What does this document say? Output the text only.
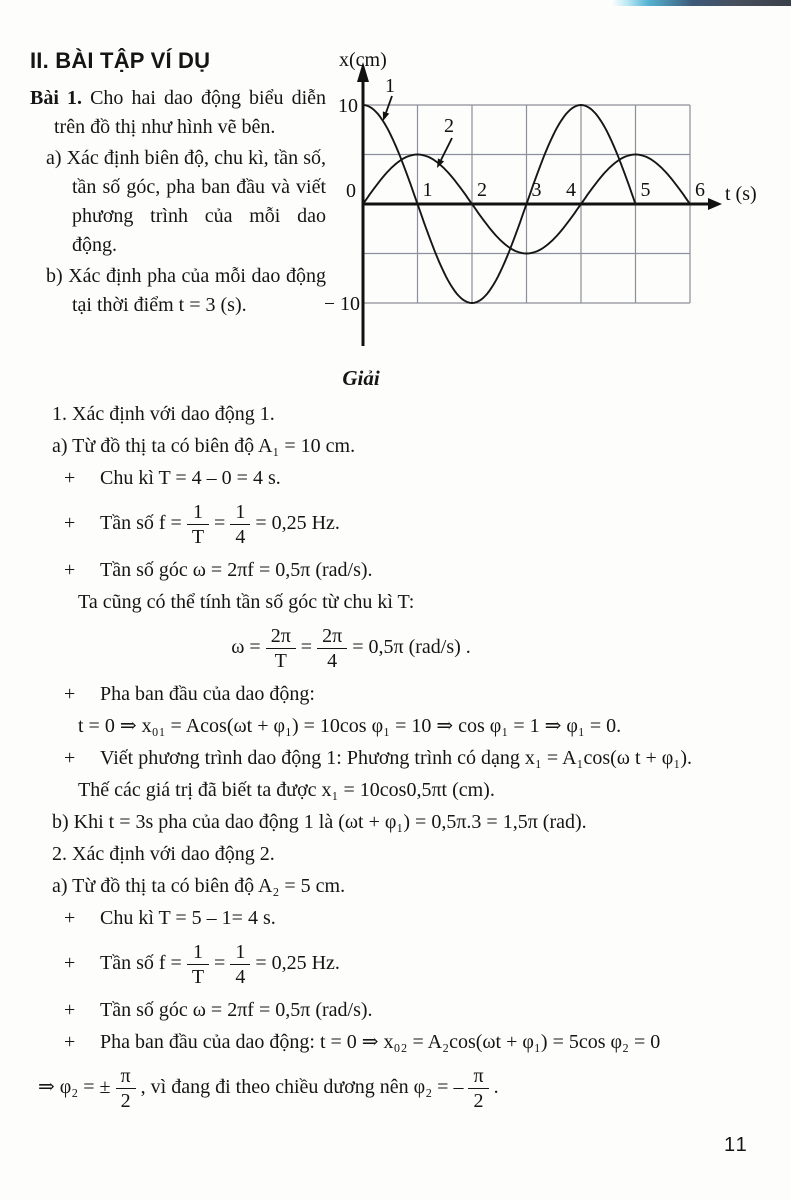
II. BÀI TẬP VÍ DỤ

Bài 1. Cho hai dao động biểu diễn trên đồ thị như hình vẽ bên.

a) Xác định biên độ, chu kì, tần số, tần số góc, pha ban đầu và viết phương trình của mỗi dao động.

b) Xác định pha của mỗi dao động tại thời điểm t = 3 (s).

x(cm)
10
0
− 10
1 2 3 4	5 6 t (s)
1
2
Giải

1. Xác định với dao động 1.

a) Từ đồ thị ta có biên độ A₁ = 10 cm.

+ Chu kì T = 4 – 0 = 4 s.

+ Tần số $f = \frac{1}{T} = \frac{1}{4} = 0,25$ Hz.

+ Tần số góc ω = 2πf = 0,5π (rad/s).

Ta cũng có thể tính tần số góc từ chu kì T:

$\omega = \frac{2\pi}{T} = \frac{2\pi}{4} = 0,5\pi$ (rad/s) .

+ Pha ban đầu của dao động:

t = 0 ⇒ x₀₁ = Acos(ωt + φ₁) = 10cos φ₁ = 10 ⇒ cos φ₁ = 1 ⇒ φ₁ = 0.

+ Viết phương trình dao động 1: Phương trình có dạng x₁ = A₁cos(ω t + φ₁).

Thế các giá trị đã biết ta được x₁ = 10cos0,5πt (cm).

b) Khi t = 3s pha của dao động 1 là (ωt + φ₁) = 0,5π.3 = 1,5π (rad).

2. Xác định với dao động 2.

a) Từ đồ thị ta có biên độ A₂ = 5 cm.

+ Chu kì T = 5 – 1= 4 s.

+ Tần số $f = \frac{1}{T} = \frac{1}{4} = 0,25$ Hz.

+ Tần số góc ω = 2πf = 0,5π (rad/s).

+ Pha ban đầu của dao động: t = 0 ⇒ x₀₂ = A₂cos(ωt + φ₁) = 5cos φ₂ = 0

⇒ φ₂ = ± $\frac{\pi}{2}$ , vì đang đi theo chiều dương nên φ₂ = – $\frac{\pi}{2}$ .

11
